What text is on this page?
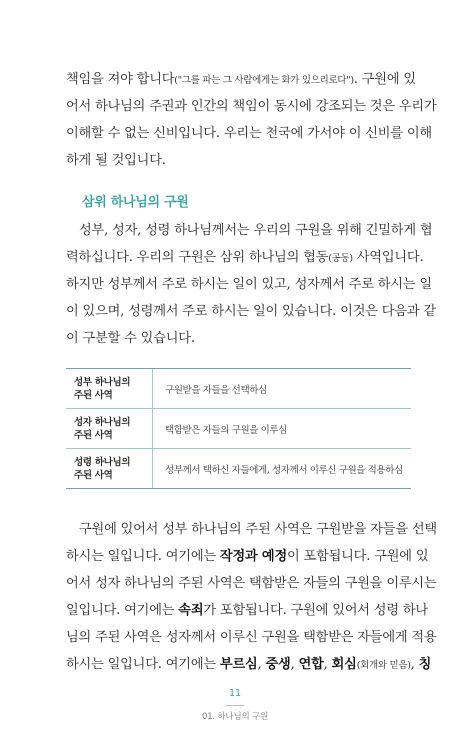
책임을 져야 합니다("그를 파는 그 사람에게는 화가 있으리로다"). 구원에 있
어서 하나님의 주권과 인간의 책임이 동시에 강조되는 것은 우리가
이해할 수 없는 신비입니다. 우리는 천국에 가서야 이 신비를 이해
하게 될 것입니다.
삼위 하나님의 구원
성부, 성자, 성령 하나님께서는 우리의 구원을 위해 긴밀하게 협
력하십니다. 우리의 구원은 삼위 하나님의 협동(공동) 사역입니다.
하지만 성부께서 주로 하시는 일이 있고, 성자께서 주로 하시는 일
이 있으며, 성령께서 주로 하시는 일이 있습니다. 이것은 다음과 같
이 구분할 수 있습니다.
성부 하나님의
주된 사역	구원받을 자들을 선택하심
성자 하나님의
주된 사역	택함받은 자들의 구원을 이루심
성령 하나님의
주된 사역	성부께서 택하신 자들에게, 성자께서 이루신 구원을 적용하심
구원에 있어서 성부 하나님의 주된 사역은 구원받을 자들을 선택
하시는 일입니다. 여기에는 작정과 예정이 포함됩니다. 구원에 있
어서 성자 하나님의 주된 사역은 택함받은 자들의 구원을 이루시는
일입니다. 여기에는 속죄가 포함됩니다. 구원에 있어서 성령 하나
님의 주된 사역은 성자께서 이루신 구원을 택함받은 자들에게 적용
하시는 일입니다. 여기에는 부르심, 중생, 연합, 회심(회개와 믿음), 칭
11
01. 하나님의 구원
